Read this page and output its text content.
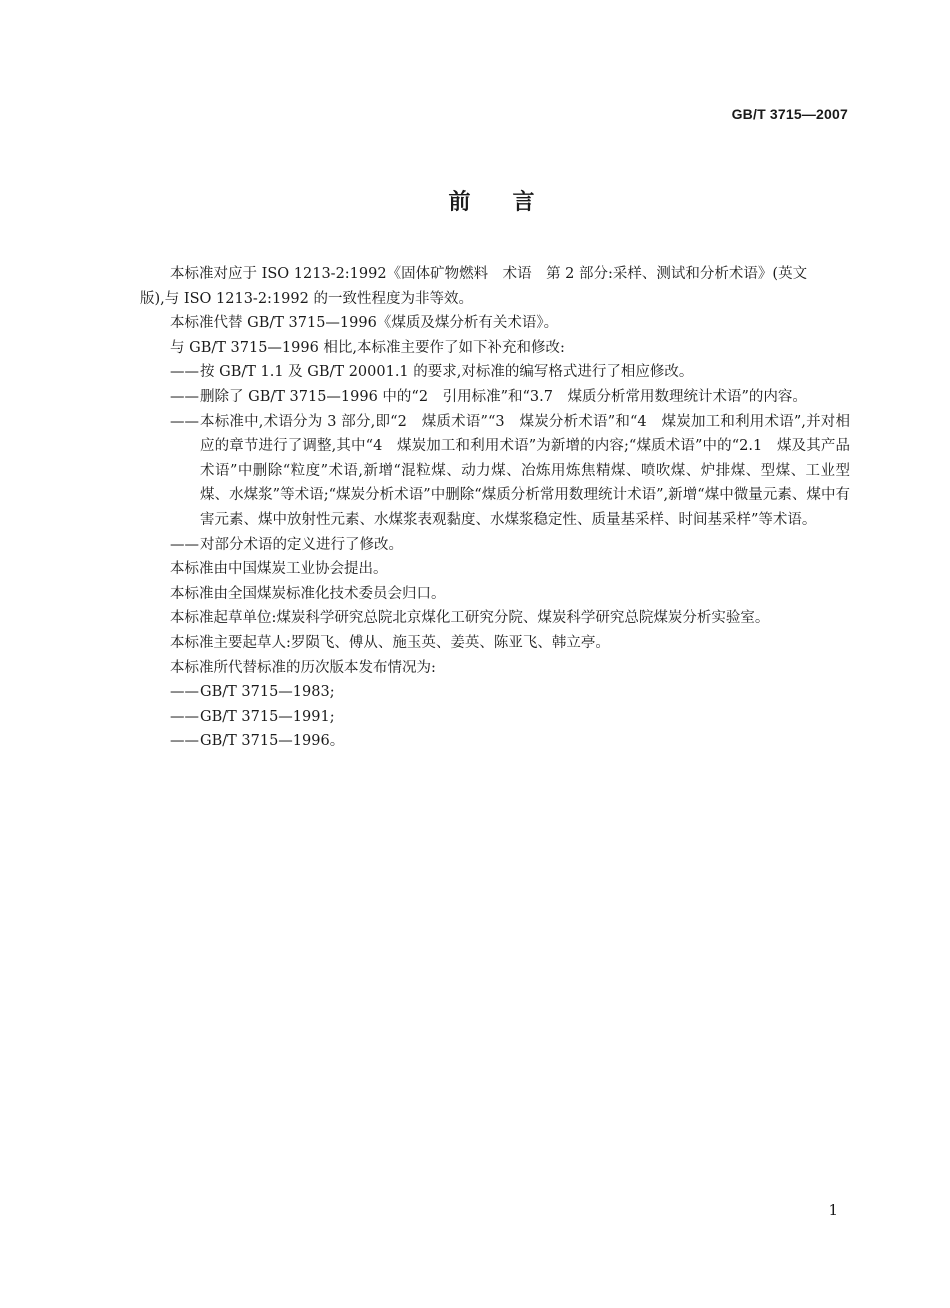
GB/T 3715—2007
前 言

本标准对应于 ISO 1213-2:1992《固体矿物燃料　术语　第 2 部分:采样、测试和分析术语》(英文

版),与 ISO 1213-2:1992 的一致性程度为非等效。

本标准代替 GB/T 3715—1996《煤质及煤分析有关术语》。

与 GB/T 3715—1996 相比,本标准主要作了如下补充和修改:

—— 按 GB/T 1.1 及 GB/T 20001.1 的要求,对标准的编写格式进行了相应修改。

—— 删除了 GB/T 3715—1996 中的“2　引用标准”和“3.7　煤质分析常用数理统计术语”的内容。

—— 本标准中,术语分为 3 部分,即“2　煤质术语”“3　煤炭分析术语”和“4　煤炭加工和利用术语”,并对相应的章节进行了调整,其中“4　煤炭加工和利用术语”为新增的内容;“煤质术语”中的“2.1　煤及其产品术语”中删除“粒度”术语,新增“混粒煤、动力煤、冶炼用炼焦精煤、喷吹煤、炉排煤、型煤、工业型煤、水煤浆”等术语;“煤炭分析术语”中删除“煤质分析常用数理统计术语”,新增“煤中微量元素、煤中有害元素、煤中放射性元素、水煤浆表观黏度、水煤浆稳定性、质量基采样、时间基采样”等术语。

—— 对部分术语的定义进行了修改。

本标准由中国煤炭工业协会提出。

本标准由全国煤炭标准化技术委员会归口。

本标准起草单位:煤炭科学研究总院北京煤化工研究分院、煤炭科学研究总院煤炭分析实验室。

本标准主要起草人:罗陨飞、傅从、施玉英、姜英、陈亚飞、韩立亭。

本标准所代替标准的历次版本发布情况为:

—— GB/T 3715—1983;

—— GB/T 3715—1991;

—— GB/T 3715—1996。

1
